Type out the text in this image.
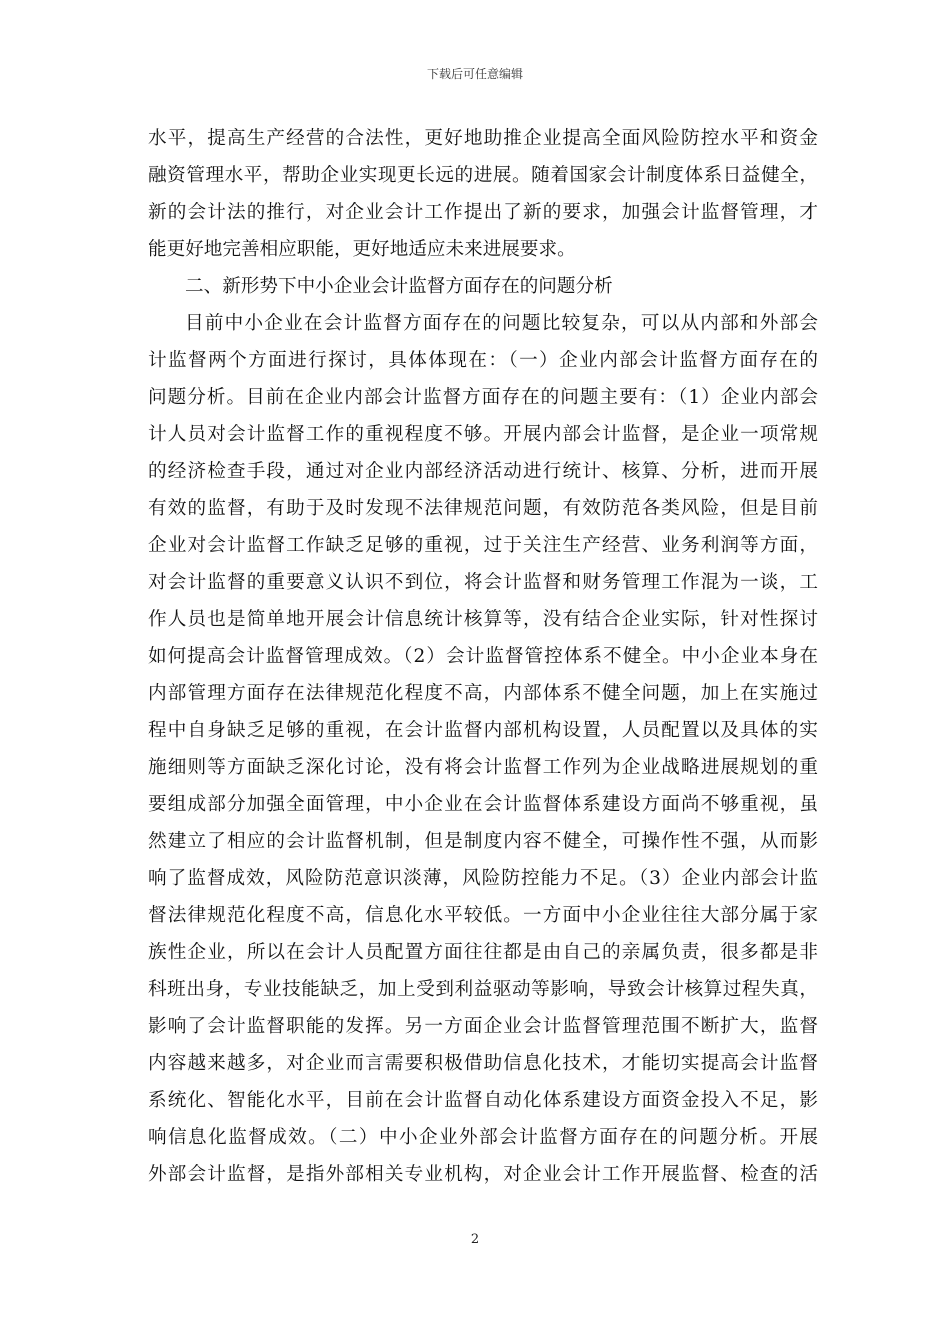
下载后可任意编辑
水平，提高生产经营的合法性，更好地助推企业提高全面风险防控水平和资金
融资管理水平，帮助企业实现更长远的进展。随着国家会计制度体系日益健全，
新的会计法的推行，对企业会计工作提出了新的要求，加强会计监督管理，才
能更好地完善相应职能，更好地适应未来进展要求。
二、新形势下中小企业会计监督方面存在的问题分析
目前中小企业在会计监督方面存在的问题比较复杂，可以从内部和外部会
计监督两个方面进行探讨，具体体现在：（一）企业内部会计监督方面存在的
问题分析。目前在企业内部会计监督方面存在的问题主要有：（1）企业内部会
计人员对会计监督工作的重视程度不够。开展内部会计监督，是企业一项常规
的经济检查手段，通过对企业内部经济活动进行统计、核算、分析，进而开展
有效的监督，有助于及时发现不法律规范问题，有效防范各类风险，但是目前
企业对会计监督工作缺乏足够的重视，过于关注生产经营、业务利润等方面，
对会计监督的重要意义认识不到位，将会计监督和财务管理工作混为一谈，工
作人员也是简单地开展会计信息统计核算等，没有结合企业实际，针对性探讨
如何提高会计监督管理成效。（2）会计监督管控体系不健全。中小企业本身在
内部管理方面存在法律规范化程度不高，内部体系不健全问题，加上在实施过
程中自身缺乏足够的重视，在会计监督内部机构设置，人员配置以及具体的实
施细则等方面缺乏深化讨论，没有将会计监督工作列为企业战略进展规划的重
要组成部分加强全面管理，中小企业在会计监督体系建设方面尚不够重视，虽
然建立了相应的会计监督机制，但是制度内容不健全，可操作性不强，从而影
响了监督成效，风险防范意识淡薄，风险防控能力不足。（3）企业内部会计监
督法律规范化程度不高，信息化水平较低。一方面中小企业往往大部分属于家
族性企业，所以在会计人员配置方面往往都是由自己的亲属负责，很多都是非
科班出身，专业技能缺乏，加上受到利益驱动等影响，导致会计核算过程失真，
影响了会计监督职能的发挥。另一方面企业会计监督管理范围不断扩大，监督
内容越来越多，对企业而言需要积极借助信息化技术，才能切实提高会计监督
系统化、智能化水平，目前在会计监督自动化体系建设方面资金投入不足，影
响信息化监督成效。（二）中小企业外部会计监督方面存在的问题分析。开展
外部会计监督，是指外部相关专业机构，对企业会计工作开展监督、检查的活
2
